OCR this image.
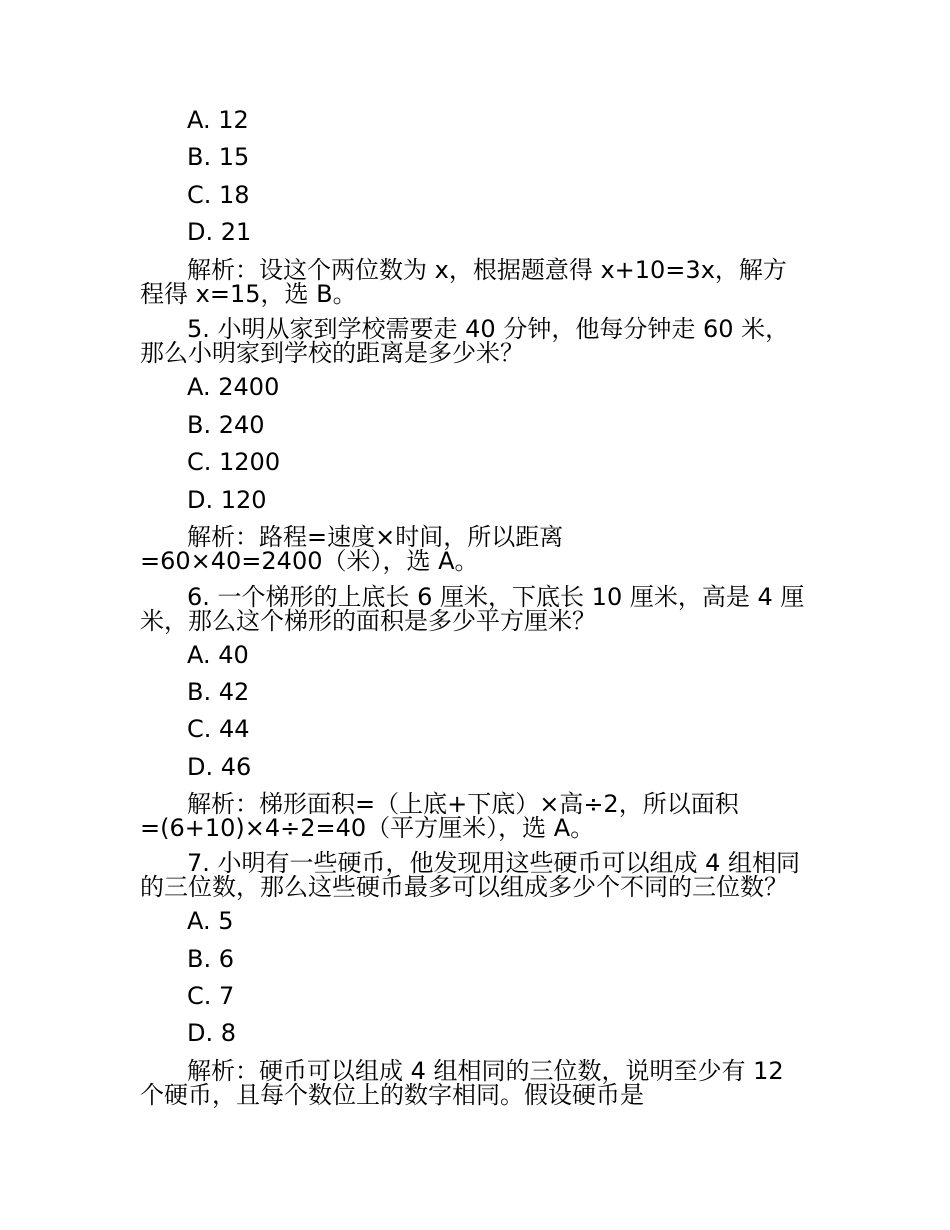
A. 12
B. 15
C. 18
D. 21
解析：设这个两位数为 x，根据题意得 x+10=3x，解方
程得 x=15，选 B。
5. 小明从家到学校需要走 40 分钟，他每分钟走 60 米，
那么小明家到学校的距离是多少米？
A. 2400
B. 240
C. 1200
D. 120
解析：路程=速度×时间，所以距离
=60×40=2400（米），选 A。
6. 一个梯形的上底长 6 厘米，下底长 10 厘米，高是 4 厘
米，那么这个梯形的面积是多少平方厘米？
A. 40
B. 42
C. 44
D. 46
解析：梯形面积=（上底+下底）×高÷2，所以面积
=(6+10)×4÷2=40（平方厘米），选 A。
7. 小明有一些硬币，他发现用这些硬币可以组成 4 组相同
的三位数，那么这些硬币最多可以组成多少个不同的三位数？
A. 5
B. 6
C. 7
D. 8
解析：硬币可以组成 4 组相同的三位数，说明至少有 12
个硬币，且每个数位上的数字相同。假设硬币是
